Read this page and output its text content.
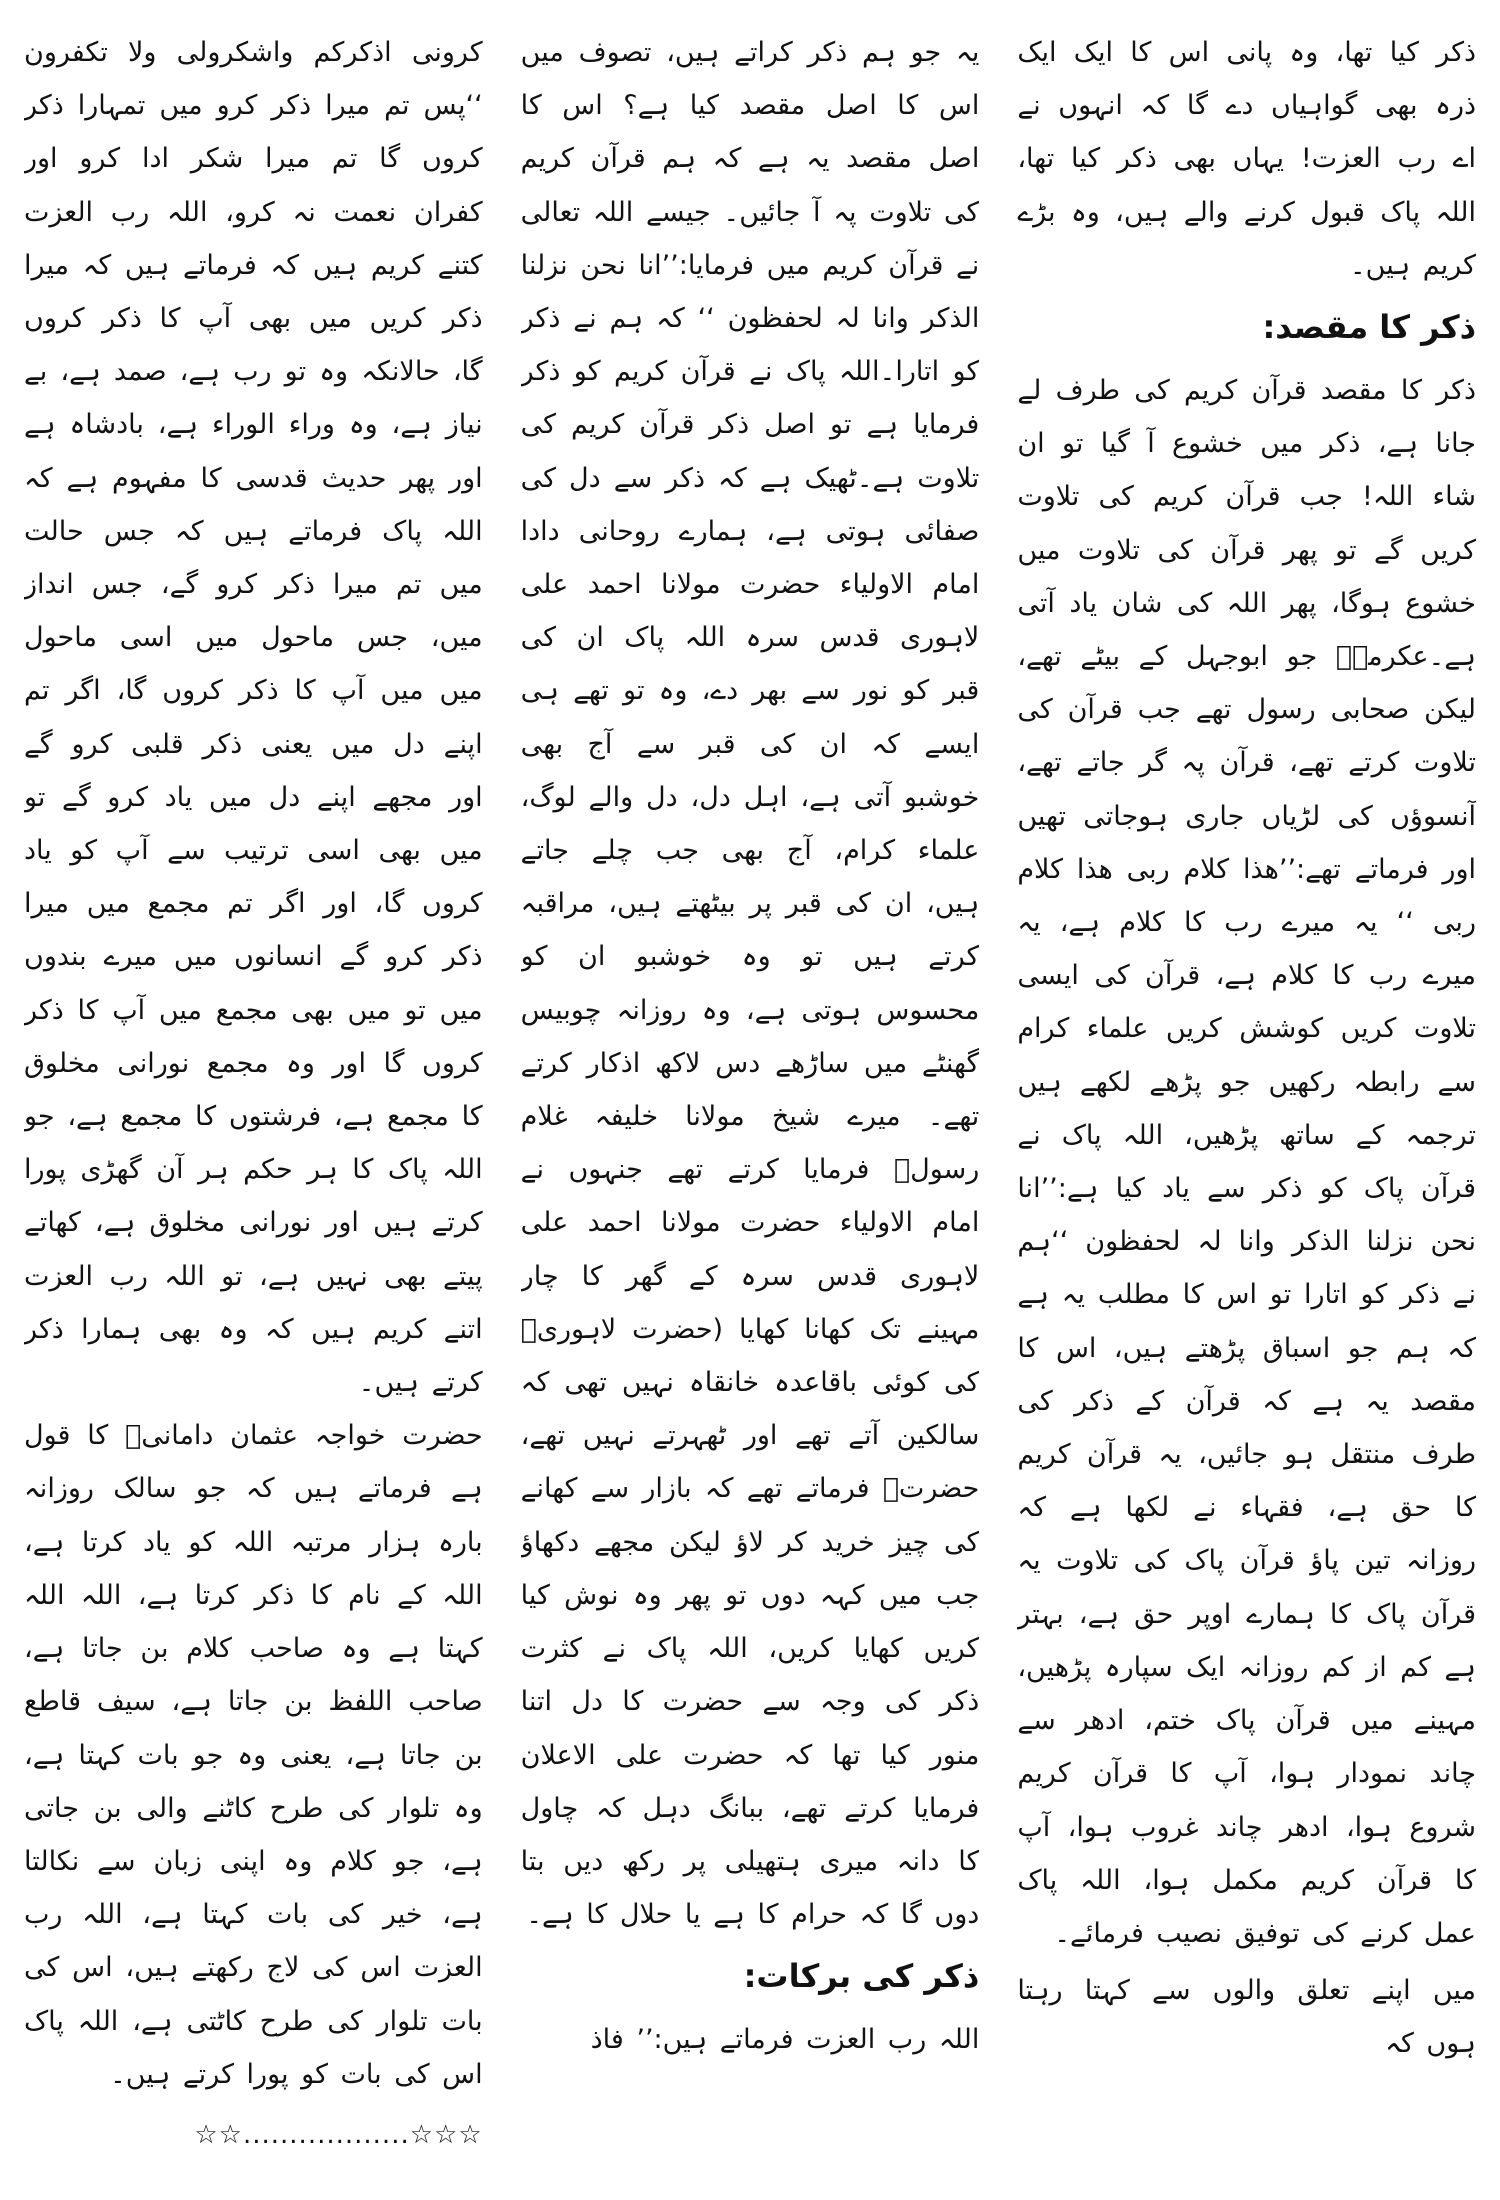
ذکر کیا تھا، وہ پانی اس کا ایک ایک ذرہ بھی گواہیاں دے گا کہ انہوں نے اے رب العزت! یہاں بھی ذکر کیا تھا، اللہ پاک قبول کرنے والے ہیں، وہ بڑے کریم ہیں۔

ذکر کا مقصد:

ذکر کا مقصد قرآن کریم کی طرف لے جانا ہے، ذکر میں خشوع آ گیا تو ان شاء اللہ! جب قرآن کریم کی تلاوت کریں گے تو پھر قرآن کی تلاوت میں خشوع ہوگا، پھر اللہ کی شان یاد آتی ہے۔عکرمہؓ جو ابوجہل کے بیٹے تھے، لیکن صحابی رسول تھے جب قرآن کی تلاوت کرتے تھے، قرآن پہ گر جاتے تھے، آنسوؤں کی لڑیاں جاری ہوجاتی تھیں اور فرماتے تھے:’’ھذا کلام ربی ھذا کلام ربی ‘‘ یہ میرے رب کا کلام ہے، یہ میرے رب کا کلام ہے، قرآن کی ایسی تلاوت کریں کوشش کریں علماء کرام سے رابطہ رکھیں جو پڑھے لکھے ہیں ترجمہ کے ساتھ پڑھیں، اللہ پاک نے قرآن پاک کو ذکر سے یاد کیا ہے:’’انا نحن نزلنا الذکر وانا لہ لحفظون ‘‘ہم نے ذکر کو اتارا تو اس کا مطلب یہ ہے کہ ہم جو اسباق پڑھتے ہیں، اس کا مقصد یہ ہے کہ قرآن کے ذکر کی طرف منتقل ہو جائیں، یہ قرآن کریم کا حق ہے، فقہاء نے لکھا ہے کہ روزانہ تین پاؤ قرآن پاک کی تلاوت یہ قرآن پاک کا ہمارے اوپر حق ہے، بہتر ہے کم از کم روزانہ ایک سپارہ پڑھیں، مہینے میں قرآن پاک ختم، ادھر سے چاند نمودار ہوا، آپ کا قرآن کریم شروع ہوا، ادھر چاند غروب ہوا، آپ کا قرآن کریم مکمل ہوا، اللہ پاک عمل کرنے کی توفیق نصیب فرمائے۔

میں اپنے تعلق والوں سے کہتا رہتا ہوں کہ

یہ جو ہم ذکر کراتے ہیں، تصوف میں اس کا اصل مقصد کیا ہے؟ اس کا اصل مقصد یہ ہے کہ ہم قرآن کریم کی تلاوت پہ آ جائیں۔ جیسے اللہ تعالی نے قرآن کریم میں فرمایا:’’انا نحن نزلنا الذکر وانا لہ لحفظون ‘‘ کہ ہم نے ذکر کو اتارا۔اللہ پاک نے قرآن کریم کو ذکر فرمایا ہے تو اصل ذکر قرآن کریم کی تلاوت ہے۔ٹھیک ہے کہ ذکر سے دل کی صفائی ہوتی ہے، ہمارے روحانی دادا امام الاولیاء حضرت مولانا احمد علی لاہوری قدس سرہ اللہ پاک ان کی قبر کو نور سے بھر دے، وہ تو تھے ہی ایسے کہ ان کی قبر سے آج بھی خوشبو آتی ہے، اہل دل، دل والے لوگ، علماء کرام، آج بھی جب چلے جاتے ہیں، ان کی قبر پر بیٹھتے ہیں، مراقبہ کرتے ہیں تو وہ خوشبو ان کو محسوس ہوتی ہے، وہ روزانہ چوبیس گھنٹے میں ساڑھے دس لاکھ اذکار کرتے تھے۔ میرے شیخ مولانا خلیفہ غلام رسولؒ فرمایا کرتے تھے جنہوں نے امام الاولیاء حضرت مولانا احمد علی لاہوری قدس سرہ کے گھر کا چار مہینے تک کھانا کھایا (حضرت لاہوریؒ کی کوئی باقاعدہ خانقاہ نہیں تھی کہ سالکین آتے تھے اور ٹھہرتے نہیں تھے، حضرتؒ فرماتے تھے کہ بازار سے کھانے کی چیز خرید کر لاؤ لیکن مجھے دکھاؤ جب میں کہہ دوں تو پھر وہ نوش کیا کریں کھایا کریں، اللہ پاک نے کثرت ذکر کی وجہ سے حضرت کا دل اتنا منور کیا تھا کہ حضرت علی الاعلان فرمایا کرتے تھے، ببانگ دہل کہ چاول کا دانہ میری ہتھیلی پر رکھ دیں بتا دوں گا کہ حرام کا ہے یا حلال کا ہے۔

ذکر کی برکات:

اللہ رب العزت فرماتے ہیں:’’ فاذ

کرونی اذکرکم واشکرولی ولا تکفرون ‘‘پس تم میرا ذکر کرو میں تمہارا ذکر کروں گا تم میرا شکر ادا کرو اور کفران نعمت نہ کرو، اللہ رب العزت کتنے کریم ہیں کہ فرماتے ہیں کہ میرا ذکر کریں میں بھی آپ کا ذکر کروں گا، حالانکہ وہ تو رب ہے، صمد ہے، بے نیاز ہے، وہ وراء الوراء ہے، بادشاہ ہے اور پھر حدیث قدسی کا مفہوم ہے کہ اللہ پاک فرماتے ہیں کہ جس حالت میں تم میرا ذکر کرو گے، جس انداز میں، جس ماحول میں اسی ماحول میں میں آپ کا ذکر کروں گا، اگر تم اپنے دل میں یعنی ذکر قلبی کرو گے اور مجھے اپنے دل میں یاد کرو گے تو میں بھی اسی ترتیب سے آپ کو یاد کروں گا، اور اگر تم مجمع میں میرا ذکر کرو گے انسانوں میں میرے بندوں میں تو میں بھی مجمع میں آپ کا ذکر کروں گا اور وہ مجمع نورانی مخلوق کا مجمع ہے، فرشتوں کا مجمع ہے، جو اللہ پاک کا ہر حکم ہر آن گھڑی پورا کرتے ہیں اور نورانی مخلوق ہے، کھاتے پیتے بھی نہیں ہے، تو اللہ رب العزت اتنے کریم ہیں کہ وہ بھی ہمارا ذکر کرتے ہیں۔

حضرت خواجہ عثمان دامانیؒ کا قول ہے فرماتے ہیں کہ جو سالک روزانہ بارہ ہزار مرتبہ اللہ کو یاد کرتا ہے، اللہ کے نام کا ذکر کرتا ہے، اللہ اللہ کہتا ہے وہ صاحب کلام بن جاتا ہے، صاحب اللفظ بن جاتا ہے، سیف قاطع بن جاتا ہے، یعنی وہ جو بات کہتا ہے، وہ تلوار کی طرح کاٹنے والی بن جاتی ہے، جو کلام وہ اپنی زبان سے نکالتا ہے، خیر کی بات کہتا ہے، اللہ رب العزت اس کی لاج رکھتے ہیں، اس کی بات تلوار کی طرح کاٹتی ہے، اللہ پاک اس کی بات کو پورا کرتے ہیں۔

☆☆..................☆☆☆
